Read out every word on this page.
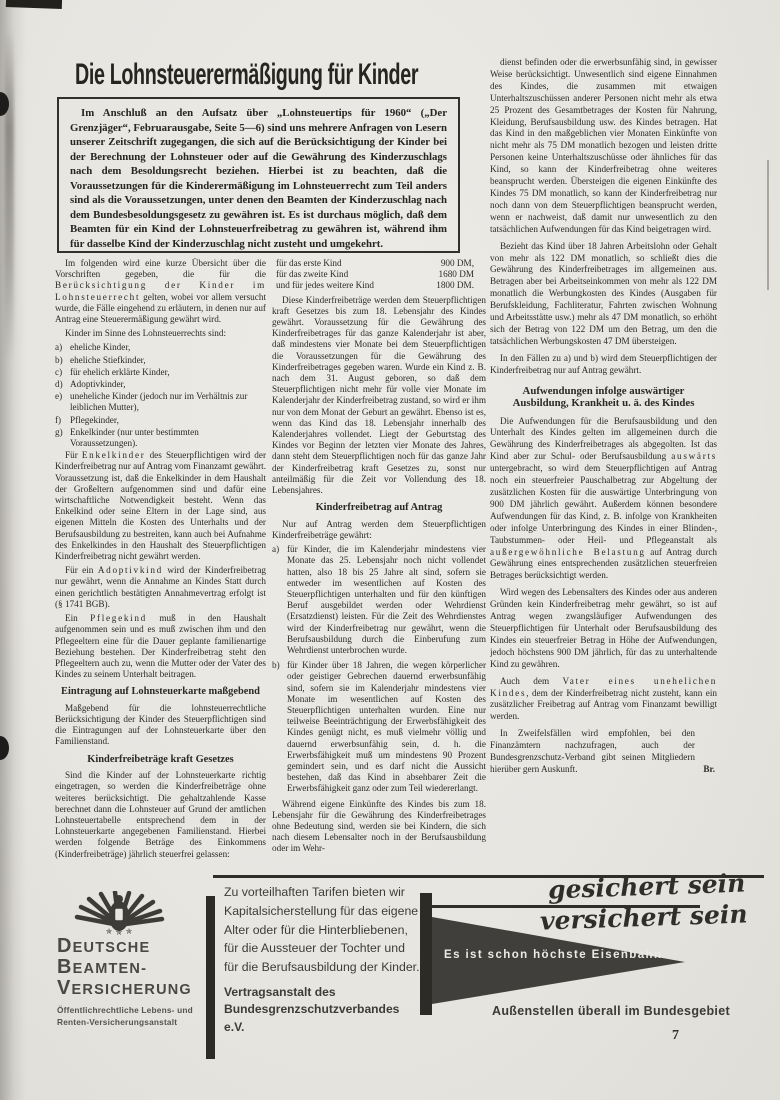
Die Lohnsteuerermäßigung für Kinder

Im Anschluß an den Aufsatz über „Lohnsteuertips für 1960“ („Der Grenzjäger“, Februarausgabe, Seite 5—6) sind uns mehrere Anfragen von Lesern unserer Zeitschrift zugegangen, die sich auf die Berücksichtigung der Kinder bei der Berechnung der Lohnsteuer oder auf die Gewährung des Kinderzuschlags nach dem Besoldungsrecht beziehen. Hierbei ist zu beachten, daß die Voraussetzungen für die Kinderermäßigung im Lohnsteuerrecht zum Teil anders sind als die Voraussetzungen, unter denen den Beamten der Kinderzuschlag nach dem Bundesbesoldungsgesetz zu gewähren ist. Es ist durchaus möglich, daß dem Beamten für ein Kind der Lohnsteuerfreibetrag zu gewähren ist, während ihm für dasselbe Kind der Kinderzuschlag nicht zusteht und umgekehrt.

Im folgenden wird eine kurze Übersicht über die Vorschriften gegeben, die für die Berücksichtigung der Kinder im Lohnsteuerrecht gelten, wobei vor allem versucht wurde, die Fälle eingehend zu erläutern, in denen nur auf Antrag eine Steuerermäßigung gewährt wird.

Kinder im Sinne des Lohnsteuerrechts sind:

a) eheliche Kinder,
b) eheliche Stiefkinder,
c) für ehelich erklärte Kinder,
d) Adoptivkinder,
e) uneheliche Kinder (jedoch nur im Verhältnis zur leiblichen Mutter),
f) Pflegekinder,
g) Enkelkinder (nur unter bestimmten Voraussetzungen).

Für Enkelkinder des Steuerpflichtigen wird der Kinderfreibetrag nur auf Antrag vom Finanzamt gewährt. Voraussetzung ist, daß die Enkelkinder in dem Haushalt der Großeltern aufgenommen sind und dafür eine wirtschaftliche Notwendigkeit besteht. Wenn das Enkelkind oder seine Eltern in der Lage sind, aus eigenen Mitteln die Kosten des Unterhalts und der Berufsausbildung zu bestreiten, kann auch bei Aufnahme des Enkelkindes in den Haushalt des Steuerpflichtigen Kinderfreibetrag nicht gewährt werden.

Für ein Adoptivkind wird der Kinderfreibetrag nur gewährt, wenn die Annahme an Kindes Statt durch einen gerichtlich bestätigten Annahmevertrag erfolgt ist (§ 1741 BGB).

Ein Pflegekind muß in den Haushalt aufgenommen sein und es muß zwischen ihm und den Pflegeeltern eine für die Dauer geplante familienartige Beziehung bestehen. Der Kinderfreibetrag steht den Pflegeeltern auch zu, wenn die Mutter oder der Vater des Kindes zu seinem Unterhalt beitragen.

Eintragung auf Lohnsteuerkarte maßgebend

Maßgebend für die lohnsteuerrechtliche Berücksichtigung der Kinder des Steuerpflichtigen sind die Eintragungen auf der Lohnsteuerkarte über den Familienstand.

Kinderfreibeträge kraft Gesetzes

Sind die Kinder auf der Lohnsteuerkarte richtig eingetragen, so werden die Kinderfreibeträge ohne weiteres berücksichtigt. Die gehaltzahlende Kasse berechnet dann die Lohnsteuer auf Grund der amtlichen Lohnsteuertabelle entsprechend dem in der Lohnsteuerkarte angegebenen Familienstand. Hierbei werden folgende Beträge des Einkommens (Kinderfreibeträge) jährlich steuerfrei gelassen:

für das erste Kind	900 DM,
für das zweite Kind	1680 DM
und für jedes weitere Kind	1800 DM.

Diese Kinderfreibeträge werden dem Steuerpflichtigen kraft Gesetzes bis zum 18. Lebensjahr des Kindes gewährt. Voraussetzung für die Gewährung des Kinderfreibetrages für das ganze Kalenderjahr ist aber, daß mindestens vier Monate bei dem Steuerpflichtigen die Voraussetzungen für die Gewährung des Kinderfreibetrages gegeben waren. Wurde ein Kind z. B. nach dem 31. August geboren, so daß dem Steuerpflichtigen nicht mehr für volle vier Monate im Kalenderjahr der Kinderfreibetrag zustand, so wird er ihm nur von dem Monat der Geburt an gewährt. Ebenso ist es, wenn das Kind das 18. Lebensjahr innerhalb des Kalenderjahres vollendet. Liegt der Geburtstag des Kindes vor Beginn der letzten vier Monate des Jahres, dann steht dem Steuerpflichtigen noch für das ganze Jahr der Kinderfreibetrag kraft Gesetzes zu, sonst nur anteilmäßig für die Zeit vor Vollendung des 18. Lebensjahres.

Kinderfreibetrag auf Antrag

Nur auf Antrag werden dem Steuerpflichtigen Kinderfreibeträge gewährt:

a) für Kinder, die im Kalenderjahr mindestens vier Monate das 25. Lebensjahr noch nicht vollendet hatten, also 18 bis 25 Jahre alt sind, sofern sie entweder im wesentlichen auf Kosten des Steuerpflichtigen unterhalten und für den künftigen Beruf ausgebildet werden oder Wehrdienst (Ersatzdienst) leisten. Für die Zeit des Wehrdienstes wird der Kinderfreibetrag nur gewährt, wenn die Berufsausbildung durch die Einberufung zum Wehrdienst unterbrochen wurde.
b) für Kinder über 18 Jahren, die wegen körperlicher oder geistiger Gebrechen dauernd erwerbsunfähig sind, sofern sie im Kalenderjahr mindestens vier Monate im wesentlichen auf Kosten des Steuerpflichtigen unterhalten wurden. Eine nur teilweise Beeinträchtigung der Erwerbsfähigkeit des Kindes genügt nicht, es muß vielmehr völlig und dauernd erwerbsunfähig sein, d. h. die Erwerbsfähigkeit muß um mindestens 90 Prozent gemindert sein, und es darf nicht die Aussicht bestehen, daß das Kind in absehbarer Zeit die Erwerbsfähigkeit ganz oder zum Teil wiedererlangt.

Während eigene Einkünfte des Kindes bis zum 18. Lebensjahr für die Gewährung des Kinderfreibetrages ohne Bedeutung sind, werden sie bei Kindern, die sich nach diesem Lebensalter noch in der Berufsausbildung oder im Wehr-

dienst befinden oder die erwerbsunfähig sind, in gewisser Weise berücksichtigt. Unwesentlich sind eigene Einnahmen des Kindes, die zusammen mit etwaigen Unterhaltszuschüssen anderer Personen nicht mehr als etwa 25 Prozent des Gesamtbetrages der Kosten für Nahrung, Kleidung, Berufsausbildung usw. des Kindes betragen. Hat das Kind in den maßgeblichen vier Monaten Einkünfte von nicht mehr als 75 DM monatlich bezogen und leisten dritte Personen keine Unterhaltszuschüsse oder ähnliches für das Kind, so kann der Kinderfreibetrag ohne weiteres beansprucht werden. Übersteigen die eigenen Einkünfte des Kindes 75 DM monatlich, so kann der Kinderfreibetrag nur noch dann von dem Steuerpflichtigen beansprucht werden, wenn er nachweist, daß damit nur unwesentlich zu den tatsächlichen Aufwendungen für das Kind beigetragen wird.

Bezieht das Kind über 18 Jahren Arbeitslohn oder Gehalt von mehr als 122 DM monatlich, so schließt dies die Gewährung des Kinderfreibetrages im allgemeinen aus. Betragen aber bei Arbeitseinkommen von mehr als 122 DM monatlich die Werbungkosten des Kindes (Ausgaben für Berufskleidung, Fachliteratur, Fahrten zwischen Wohnung und Arbeitsstätte usw.) mehr als 47 DM monatlich, so erhöht sich der Betrag von 122 DM um den Betrag, um den die tatsächlichen Werbungskosten 47 DM übersteigen.

In den Fällen zu a) und b) wird dem Steuerpflichtigen der Kinderfreibetrag nur auf Antrag gewährt.

Aufwendungen infolge auswärtiger Ausbildung, Krankheit u. ä. des Kindes

Die Aufwendungen für die Berufsausbildung und den Unterhalt des Kindes gelten im allgemeinen durch die Gewährung des Kinderfreibetrages als abgegolten. Ist das Kind aber zur Schul- oder Berufsausbildung auswärts untergebracht, so wird dem Steuerpflichtigen auf Antrag noch ein steuerfreier Pauschalbetrag zur Abgeltung der zusätzlichen Kosten für die auswärtige Unterbringung von 900 DM jährlich gewährt. Außerdem können besondere Aufwendungen für das Kind, z. B. infolge von Krankheiten oder infolge Unterbringung des Kindes in einer Blinden-, Taubstummen- oder Heil- und Pflegeanstalt als außergewöhnliche Belastung auf Antrag durch Gewährung eines entsprechenden zusätzlichen steuerfreien Betrages berücksichtigt werden.

Wird wegen des Lebensalters des Kindes oder aus anderen Gründen kein Kinderfreibetrag mehr gewährt, so ist auf Antrag wegen zwangsläufiger Aufwendungen des Steuerpflichtigen für Unterhalt oder Berufsausbildung des Kindes ein steuerfreier Betrag in Höhe der Aufwendungen, jedoch höchstens 900 DM jährlich, für das zu unterhaltende Kind zu gewähren.

Auch dem Vater eines unehelichen Kindes, dem der Kinderfreibetrag nicht zusteht, kann ein zusätzlicher Freibetrag auf Antrag vom Finanzamt bewilligt werden.

In Zweifelsfällen wird empfohlen, bei den Finanzämtern nachzufragen, auch der Bundesgrenzschutz-Verband gibt seinen Mitgliedern hierüber gern Auskunft.	Br.

✯ ✯ ✯
DEUTSCHE
BEAMTEN-
VERSICHERUNG
Öffentlichrechtliche Lebens- und
Renten-Versicherungsanstalt
Zu vorteilhaften Tarifen bieten wir Kapitalsicherstellung für das eigene Alter oder für die Hinterbliebenen, für die Aussteuer der Tochter und für die Berufsausbildung der Kinder.
Vertragsanstalt des
Bundesgrenzschutzverbandes e.V.
gesichert sein
versichert sein
Es ist schon höchste Eisenbahn
Außenstellen überall im Bundesgebiet
7
